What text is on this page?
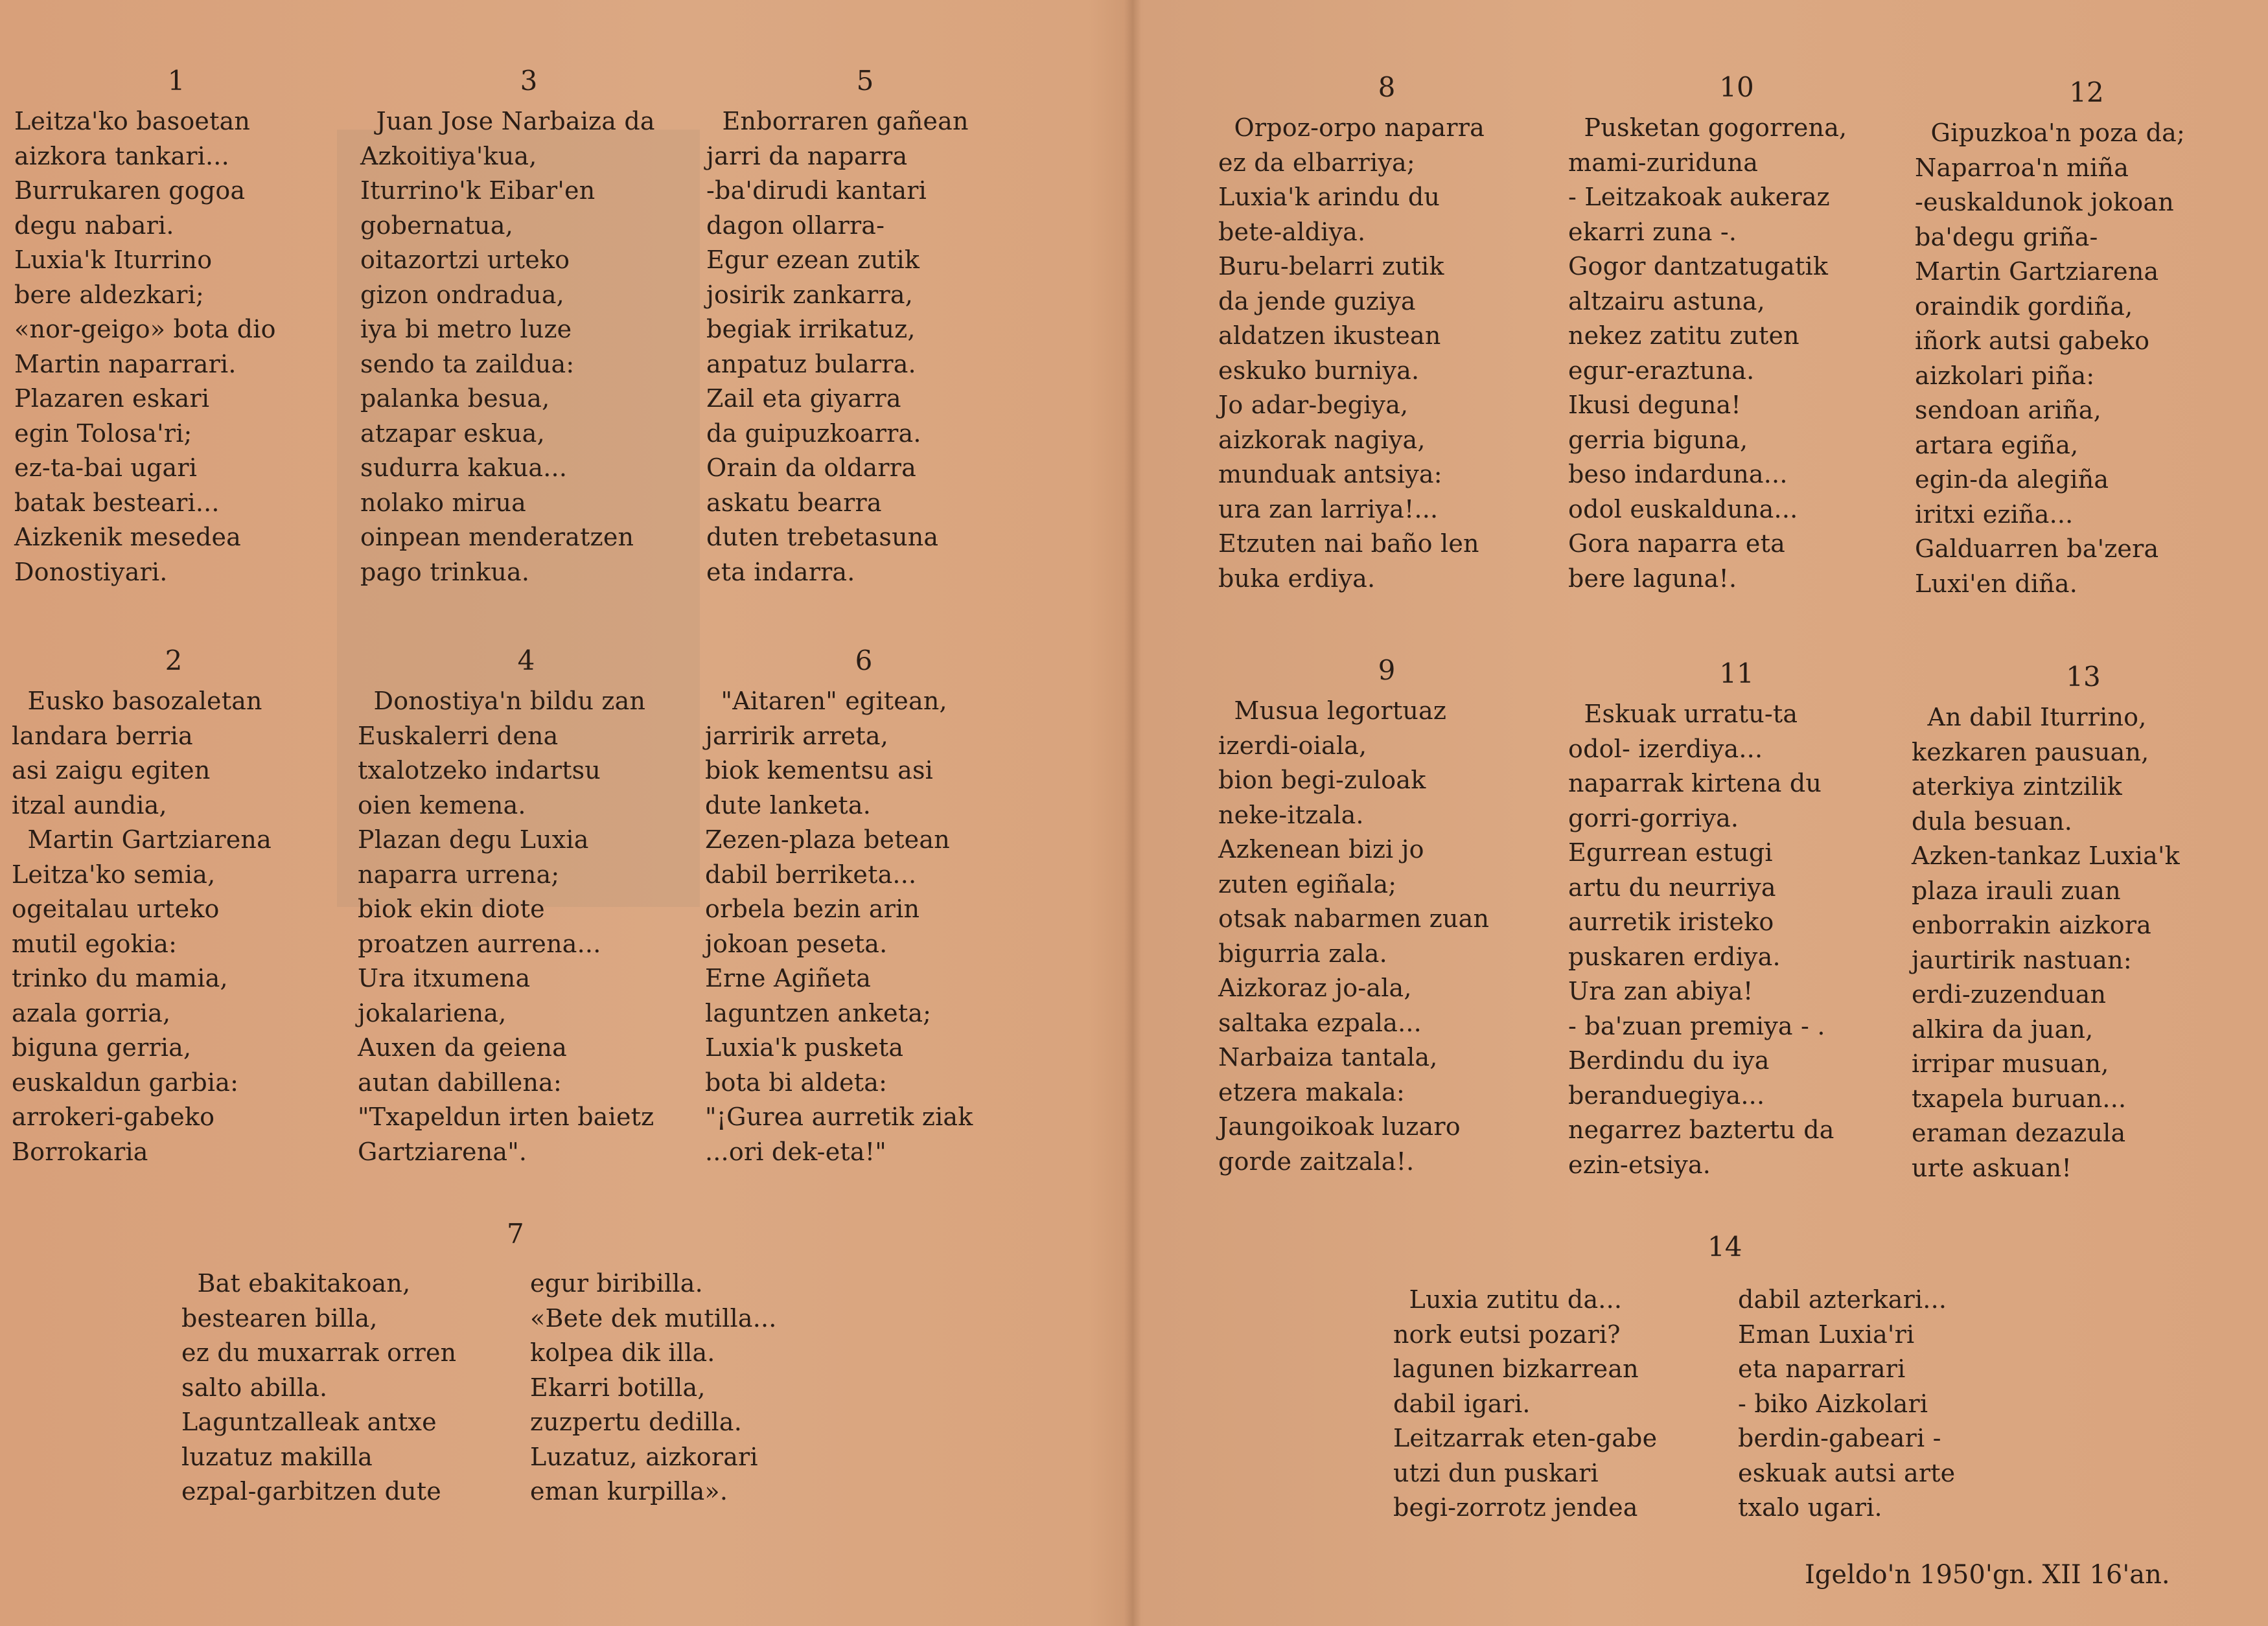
1
Leitza'ko basoetan
aizkora tankari...
Burrukaren gogoa
degu nabari.
Luxia'k Iturrino
bere aldezkari;
«nor-geigo» bota dio
Martin naparrari.
Plazaren eskari
egin Tolosa'ri;
ez-ta-bai ugari
batak besteari...
Aizkenik mesedea
Donostiyari.
3
Juan Jose Narbaiza da
Azkoitiya'kua,
Iturrino'k Eibar'en
gobernatua,
oitazortzi urteko
gizon ondradua,
iya bi metro luze
sendo ta zaildua:
palanka besua,
atzapar eskua,
sudurra kakua...
nolako mirua
oinpean menderatzen
pago trinkua.
5
Enborraren gañean
jarri da naparra
-ba'dirudi kantari
dagon ollarra-
Egur ezean zutik
josirik zankarra,
begiak irrikatuz,
anpatuz bularra.
Zail eta giyarra
da guipuzkoarra.
Orain da oldarra
askatu bearra
duten trebetasuna
eta indarra.
2
Eusko basozaletan
landara berria
asi zaigu egiten
itzal aundia,
Martin Gartziarena
Leitza'ko semia,
ogeitalau urteko
mutil egokia:
trinko du mamia,
azala gorria,
biguna gerria,
euskaldun garbia:
arrokeri-gabeko
Borrokaria
4
Donostiya'n bildu zan
Euskalerri dena
txalotzeko indartsu
oien kemena.
Plazan degu Luxia
naparra urrena;
biok ekin diote
proatzen aurrena...
Ura itxumena
jokalariena,
Auxen da geiena
autan dabillena:
"Txapeldun irten baietz
Gartziarena".
6
"Aitaren" egitean,
jarririk arreta,
biok kementsu asi
dute lanketa.
Zezen-plaza betean
dabil berriketa...
orbela bezin arin
jokoan peseta.
Erne Agiñeta
laguntzen anketa;
Luxia'k pusketa
bota bi aldeta:
"¡Gurea aurretik ziak
...ori dek-eta!"
7
Bat ebakitakoan,
bestearen billa,
ez du muxarrak orren
salto abilla.
Laguntzalleak antxe
luzatuz makilla
ezpal-garbitzen dute
egur biribilla.
«Bete dek mutilla...
kolpea dik illa.
Ekarri botilla,
zuzpertu dedilla.
Luzatuz, aizkorari
eman kurpilla».
8
Orpoz-orpo naparra
ez da elbarriya;
Luxia'k arindu du
bete-aldiya.
Buru-belarri zutik
da jende guziya
aldatzen ikustean
eskuko burniya.
Jo adar-begiya,
aizkorak nagiya,
munduak antsiya:
ura zan larriya!...
Etzuten nai baño len
buka erdiya.
10
Pusketan gogorrena,
mami-zuriduna
- Leitzakoak aukeraz
ekarri zuna -.
Gogor dantzatugatik
altzairu astuna,
nekez zatitu zuten
egur-eraztuna.
Ikusi deguna!
gerria biguna,
beso indarduna...
odol euskalduna...
Gora naparra eta
bere laguna!.
12
Gipuzkoa'n poza da;
Naparroa'n miña
-euskaldunok jokoan
ba'degu griña-
Martin Gartziarena
oraindik gordiña,
iñork autsi gabeko
aizkolari piña:
sendoan ariña,
artara egiña,
egin-da alegiña
iritxi eziña...
Galduarren ba'zera
Luxi'en diña.
9
Musua legortuaz
izerdi-oiala,
bion begi-zuloak
neke-itzala.
Azkenean bizi jo
zuten egiñala;
otsak nabarmen zuan
bigurria zala.
Aizkoraz jo-ala,
saltaka ezpala...
Narbaiza tantala,
etzera makala:
Jaungoikoak luzaro
gorde zaitzala!.
11
Eskuak urratu-ta
odol- izerdiya...
naparrak kirtena du
gorri-gorriya.
Egurrean estugi
artu du neurriya
aurretik iristeko
puskaren erdiya.
Ura zan abiya!
- ba'zuan premiya - .
Berdindu du iya
beranduegiya...
negarrez baztertu da
ezin-etsiya.
13
An dabil Iturrino,
kezkaren pausuan,
aterkiya zintzilik
dula besuan.
Azken-tankaz Luxia'k
plaza irauli zuan
enborrakin aizkora
jaurtirik nastuan:
erdi-zuzenduan
alkira da juan,
irripar musuan,
txapela buruan...
eraman dezazula
urte askuan!
14
Luxia zutitu da...
nork eutsi pozari?
lagunen bizkarrean
dabil igari.
Leitzarrak eten-gabe
utzi dun puskari
begi-zorrotz jendea
dabil azterkari...
Eman Luxia'ri
eta naparrari
- biko Aizkolari
berdin-gabeari -
eskuak autsi arte
txalo ugari.
Igeldo'n 1950'gn. XII 16'an.
